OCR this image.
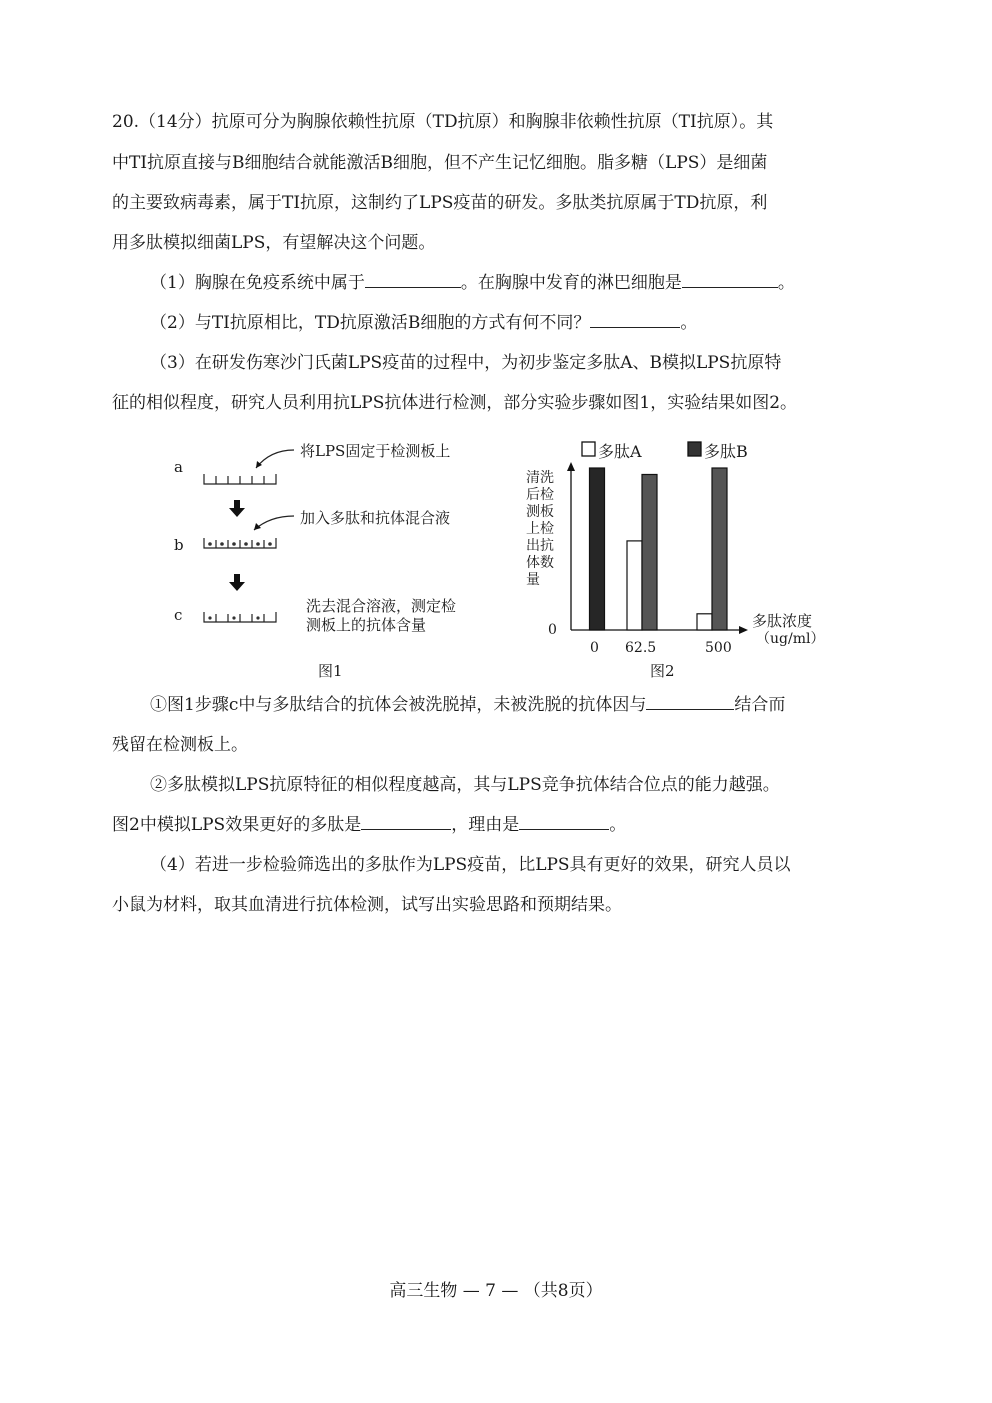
20.（14分）抗原可分为胸腺依赖性抗原（TD抗原）和胸腺非依赖性抗原（TI抗原）。其
中TI抗原直接与B细胞结合就能激活B细胞，但不产生记忆细胞。脂多糖（LPS）是细菌
的主要致病毒素，属于TI抗原，这制约了LPS疫苗的研发。多肽类抗原属于TD抗原，利
用多肽模拟细菌LPS，有望解决这个问题。
（1）胸腺在免疫系统中属于	。在胸腺中发育的淋巴细胞是	。
（2）与TI抗原相比，TD抗原激活B细胞的方式有何不同？	。
（3）在研发伤寒沙门氏菌LPS疫苗的过程中，为初步鉴定多肽A、B模拟LPS抗原特
征的相似程度，研究人员利用抗LPS抗体进行检测，部分实验步骤如图1，实验结果如图2。
a
b
c
将LPS固定于检测板上
加入多肽和抗体混合液
洗去混合溶液，测定检
测板上的抗体含量
图1
多肽A	多肽B
清洗
后检
测板
上检
出抗
体数
量
0
0 62.5	500
多肽浓度
（ug/ml）
图2
①图1步骤c中与多肽结合的抗体会被洗脱掉，未被洗脱的抗体因与	结合而
残留在检测板上。
②多肽模拟LPS抗原特征的相似程度越高，其与LPS竞争抗体结合位点的能力越强。
图2中模拟LPS效果更好的多肽是	，理由是	。
（4）若进一步检验筛选出的多肽作为LPS疫苗，比LPS具有更好的效果，研究人员以
小鼠为材料，取其血清进行抗体检测，试写出实验思路和预期结果。
高三生物 — 7 — （共8页）
